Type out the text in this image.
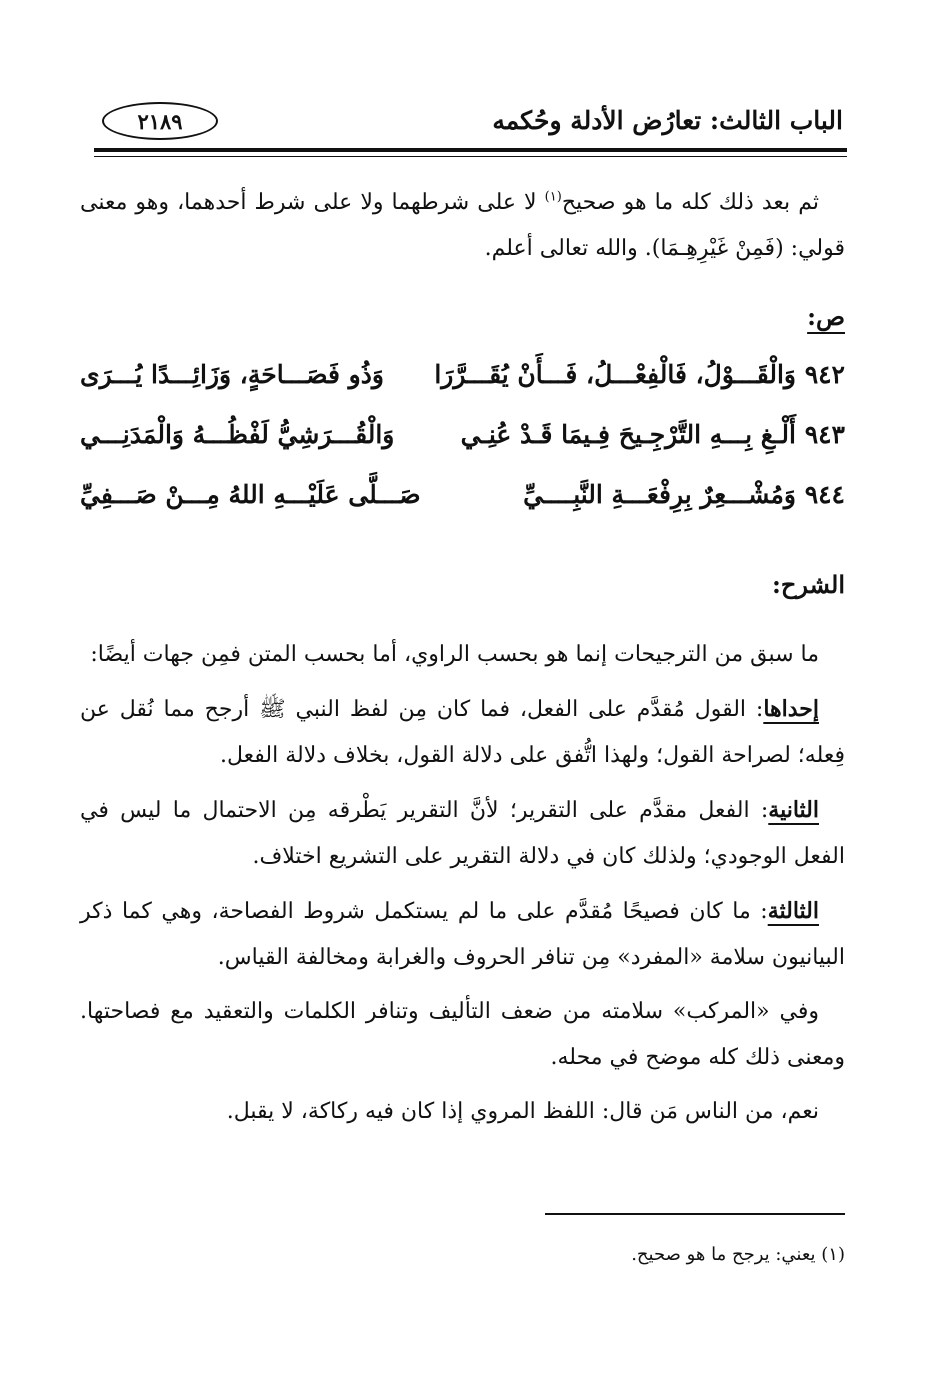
الباب الثالث: تعارُض الأدلة وحُكمه
٢١٨٩

ثم بعد ذلك كله ما هو صحيح$^{(١)}$ لا على شرطهما ولا على شرط أحدهما، وهو معنى قولي: (فَمِنْ غَيْرِهِـمَا). والله تعالى أعلم.

ص:
٩٤٢ وَالْقَـــوْلُ، فَالْفِعْـــلُ، فَـــأَنْ يُقَـــرَّرَا
وَذُو فَصَـــاحَةٍ، وَزَائِـــدًا يُـــرَى
٩٤٣ أَلْـغِ بِـــهِ التَّرْجِـيحَ فِـيمَا قَـدْ عُنِـي
وَالْقُـــرَشِيُّ لَفْظُـــهُ وَالْمَدَنِـــي
٩٤٤ وَمُشْـــعِرٌ بِرِفْعَـــةِ النَّبِــــيِّ
صَـــلَّى عَلَيْـــهِ اللهُ مِـــنْ صَـــفِيِّ
الشرح:

ما سبق من الترجيحات إنما هو بحسب الراوي، أما بحسب المتن فمِن جهات أيضًا:

إحداها: القول مُقدَّم على الفعل، فما كان مِن لفظ النبي ﷺ أرجح مما نُقل عن فِعله؛ لصراحة القول؛ ولهذا اتُّفق على دلالة القول، بخلاف دلالة الفعل.

الثانية: الفعل مقدَّم على التقرير؛ لأنَّ التقرير يَطْرقه مِن الاحتمال ما ليس في الفعل الوجودي؛ ولذلك كان في دلالة التقرير على التشريع اختلاف.

الثالثة: ما كان فصيحًا مُقدَّم على ما لم يستكمل شروط الفصاحة، وهي كما ذكر البيانيون سلامة «المفرد» مِن تنافر الحروف والغرابة ومخالفة القياس.

وفي «المركب» سلامته من ضعف التأليف وتنافر الكلمات والتعقيد مع فصاحتها. ومعنى ذلك كله موضح في محله.

نعم، من الناس مَن قال: اللفظ المروي إذا كان فيه ركاكة، لا يقبل.

(١) يعني: يرجح ما هو صحيح.
